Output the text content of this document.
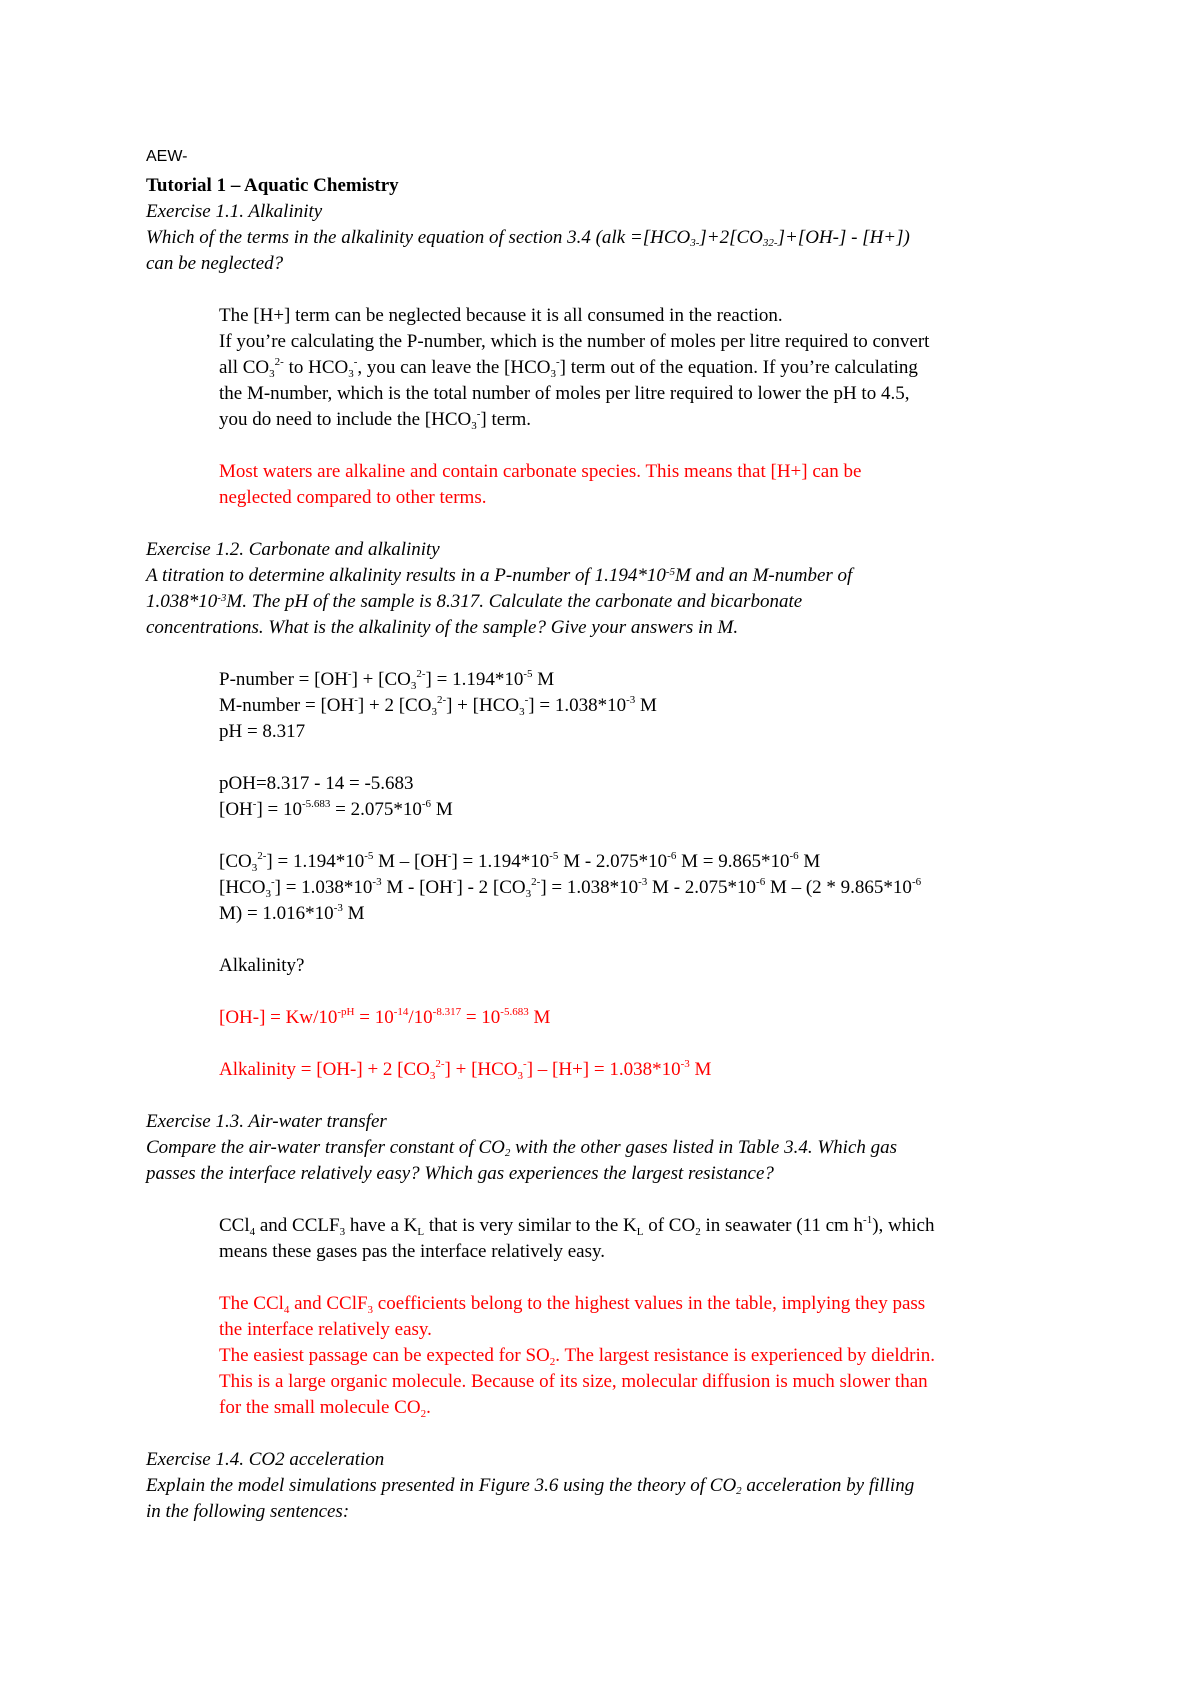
AEW-
Tutorial 1 – Aquatic Chemistry
Exercise 1.1. Alkalinity
Which of the terms in the alkalinity equation of section 3.4 (alk =[HCO3-]+2[CO32-]+[OH-] - [H+])
can be neglected?
The [H+] term can be neglected because it is all consumed in the reaction.
If you’re calculating the P-number, which is the number of moles per litre required to convert
all $CO_3^{2-}$ to $HCO_3^-$, you can leave the $[HCO_3^-]$ term out of the equation. If you’re calculating
the M-number, which is the total number of moles per litre required to lower the pH to 4.5,
you do need to include the $[HCO_3^-]$ term.
Most waters are alkaline and contain carbonate species. This means that [H+] can be
neglected compared to other terms.
Exercise 1.2. Carbonate and alkalinity
A titration to determine alkalinity results in a P-number of $1.194*10^{-5}M$ and an M-number of
$1.038*10^{-3}M$. The pH of the sample is 8.317. Calculate the carbonate and bicarbonate
concentrations. What is the alkalinity of the sample? Give your answers in M.
P-number = $[OH^-] + [CO_3^{2-}] = 1.194*10^{-5}$ M
M-number = [OH-] + 2 $[CO_3^{2-}] + [HCO_3^-] = 1.038*10^{-3}$ M
pH = 8.317
pOH=8.317 - 14 = -5.683
$[OH^-] = 10^{-5.683} = 2.075*10^{-6}$ M
$[CO_3^{2-}] = 1.194*10^{-5}$ $M - [OH^-] = 1.194*10^{-5}$ M - $2.075*10^{-6}$ $M = 9.865*10^{-6}$ M
$[HCO_3^-] = 1.038*10^{-3}$ M - [OH-] - 2 $[CO_3^{2-}] = 1.038*10^{-3}$ M - $2.075*10^{-6}$ M – ($2 * 9.865*10^{-6}$
$M) = 1.016*10^{-3}$ M
Alkalinity?
$[OH-] = Kw/10^{-pH} = 10^{-14}/10^{-8.317} = 10^{-5.683}$ M
Alkalinity = [OH-] + 2 $[CO_3^{2-}] + [HCO_3^-] - [H+] = 1.038*10^{-3}$ M
Exercise 1.3. Air-water transfer
Compare the air-water transfer constant of CO2 with the other gases listed in Table 3.4. Which gas
passes the interface relatively easy? Which gas experiences the largest resistance?
CCl$_4$ and $CCLF_3$ have a $K_L$ that is very similar to the $K_L$ of $CO_2$ in seawater (11 cm $h^{-1}$), which
means these gases pas the interface relatively easy.
The CCl$_4$ and CClF$_3$ coefficients belong to the highest values in the table, implying they pass
the interface relatively easy.
The easiest passage can be expected for $SO_2$. The largest resistance is experienced by dieldrin.
This is a large organic molecule. Because of its size, molecular diffusion is much slower than
for the small molecule $CO_2$.
Exercise 1.4. CO2 acceleration
Explain the model simulations presented in Figure 3.6 using the theory of CO2 acceleration by filling
in the following sentences:
